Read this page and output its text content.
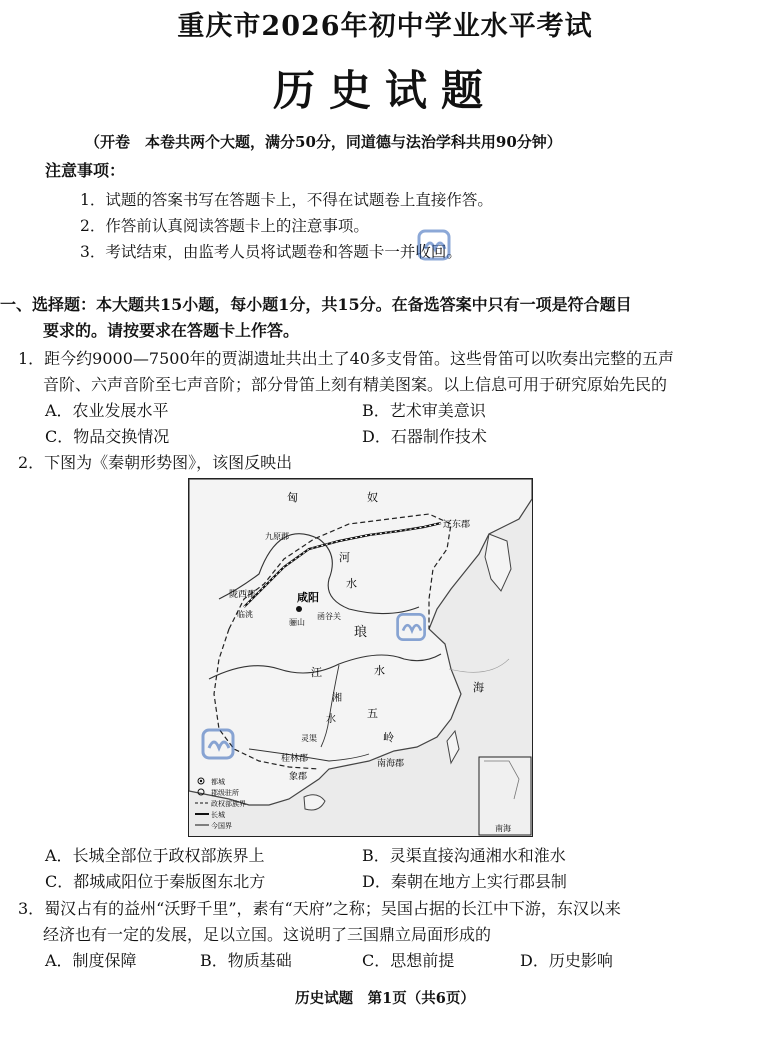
重庆市2026年初中学业水平考试
历史试题
（开卷　本卷共两个大题，满分50分，同道德与法治学科共用90分钟）
注意事项：
1．试题的答案书写在答题卡上，不得在试题卷上直接作答。
2．作答前认真阅读答题卡上的注意事项。
3．考试结束，由监考人员将试题卷和答题卡一并收回。
一、选择题：本大题共15小题，每小题1分，共15分。在备选答案中只有一项是符合题目
要求的。请按要求在答题卡上作答。
1．距今约9000—7500年的贾湖遗址共出土了40多支骨笛。这些骨笛可以吹奏出完整的五声
音阶、六声音阶至七声音阶；部分骨笛上刻有精美图案。以上信息可用于研究原始先民的
A．农业发展水平	B．艺术审美意识
C．物品交换情况	D．石器制作技术
2．下图为《秦朝形势图》，该图反映出
匈	奴
辽东郡
九原郡
陇西郡
临洮
咸阳
骊山
函谷关
河
水
琅
江	水
湘
水	五
岭
灵渠
桂林郡	南海郡
象郡
海
都城
郡级驻所
政权部族界
长城
今国界	南海
A．长城全部位于政权部族界上	B．灵渠直接沟通湘水和淮水
C．都城咸阳位于秦版图东北方	D．秦朝在地方上实行郡县制
3．蜀汉占有的益州“沃野千里”，素有“天府”之称；吴国占据的长江中下游，东汉以来
经济也有一定的发展，足以立国。这说明了三国鼎立局面形成的
A．制度保障	B．物质基础	C．思想前提	D．历史影响
历史试题　第1页（共6页）
